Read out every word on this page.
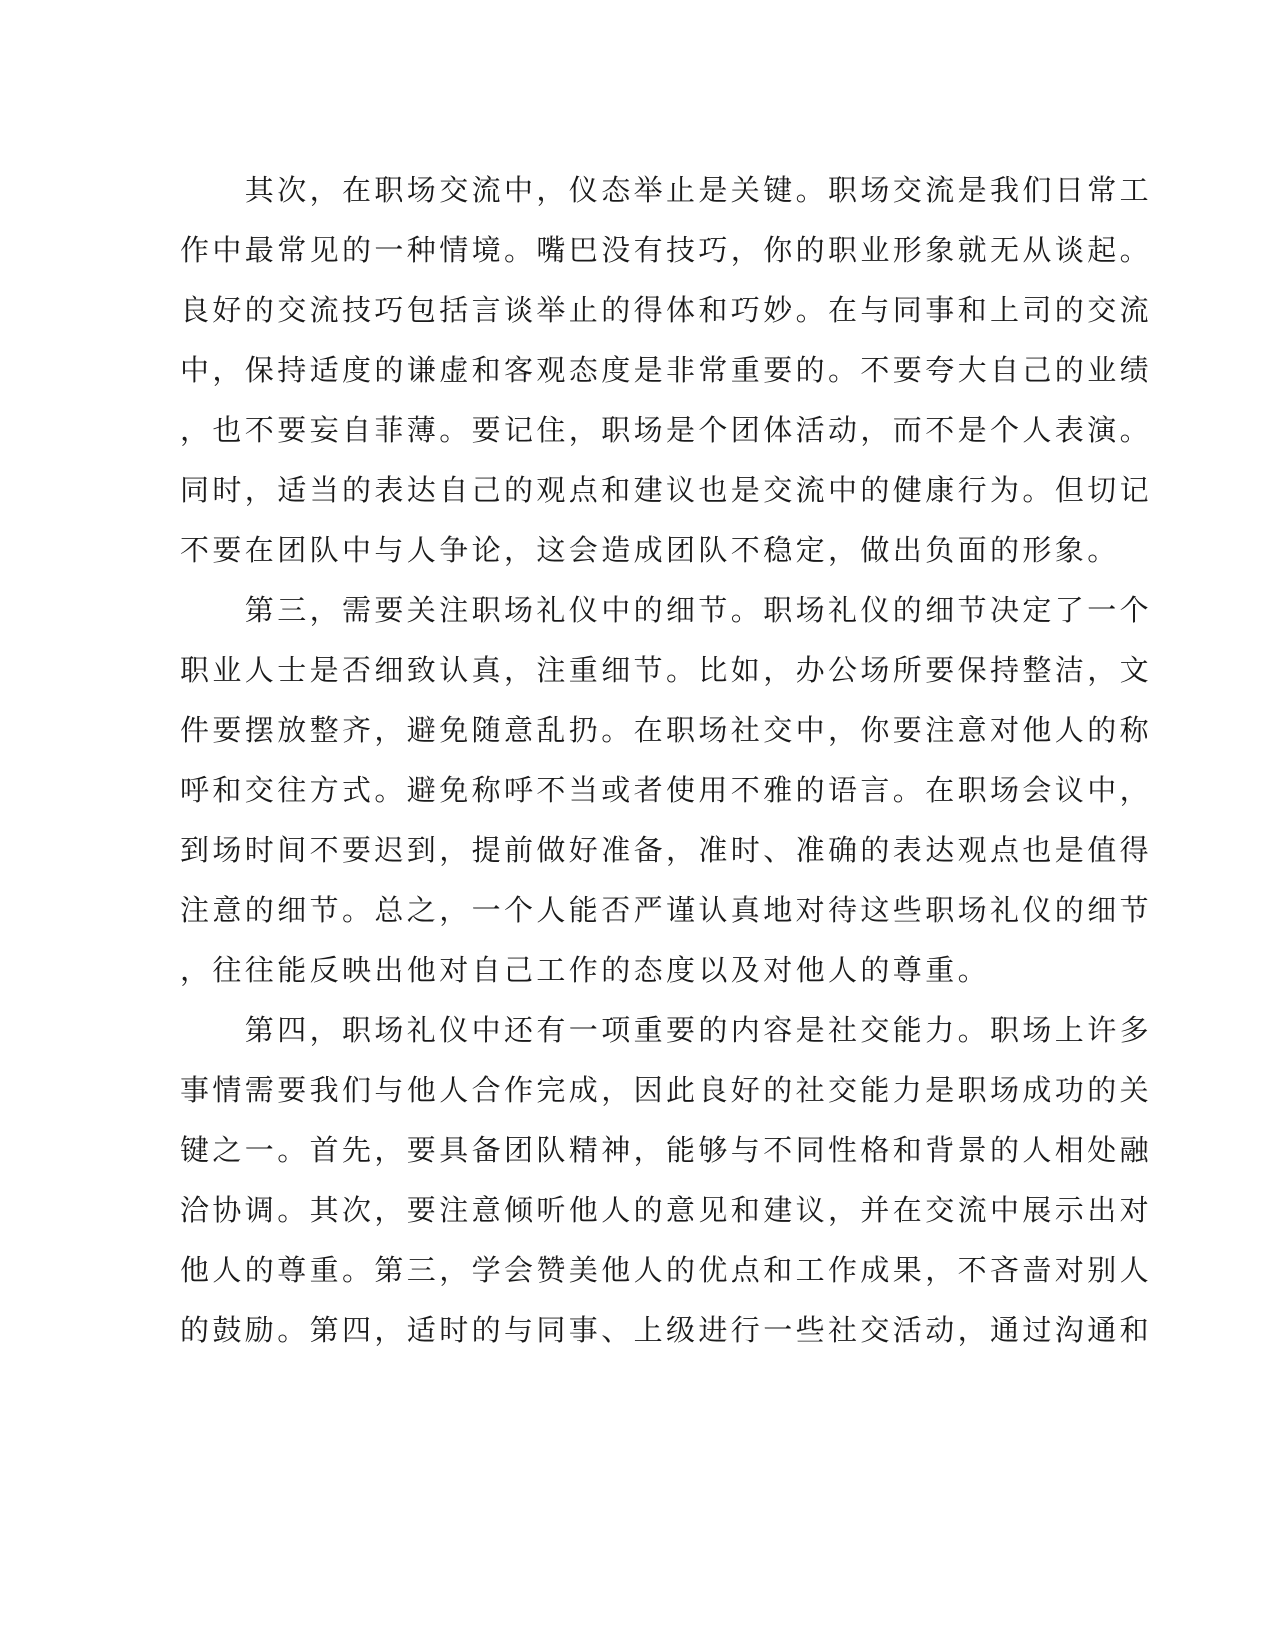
　　其次，在职场交流中，仪态举止是关键。职场交流是我们日常工
作中最常见的一种情境。嘴巴没有技巧，你的职业形象就无从谈起。
良好的交流技巧包括言谈举止的得体和巧妙。在与同事和上司的交流
中，保持适度的谦虚和客观态度是非常重要的。不要夸大自己的业绩
，也不要妄自菲薄。要记住，职场是个团体活动，而不是个人表演。
同时，适当的表达自己的观点和建议也是交流中的健康行为。但切记
不要在团队中与人争论，这会造成团队不稳定，做出负面的形象。
　　第三，需要关注职场礼仪中的细节。职场礼仪的细节决定了一个
职业人士是否细致认真，注重细节。比如，办公场所要保持整洁，文
件要摆放整齐，避免随意乱扔。在职场社交中，你要注意对他人的称
呼和交往方式。避免称呼不当或者使用不雅的语言。在职场会议中，
到场时间不要迟到，提前做好准备，准时、准确的表达观点也是值得
注意的细节。总之，一个人能否严谨认真地对待这些职场礼仪的细节
，往往能反映出他对自己工作的态度以及对他人的尊重。
　　第四，职场礼仪中还有一项重要的内容是社交能力。职场上许多
事情需要我们与他人合作完成，因此良好的社交能力是职场成功的关
键之一。首先，要具备团队精神，能够与不同性格和背景的人相处融
洽协调。其次，要注意倾听他人的意见和建议，并在交流中展示出对
他人的尊重。第三，学会赞美他人的优点和工作成果，不吝啬对别人
的鼓励。第四，适时的与同事、上级进行一些社交活动，通过沟通和
